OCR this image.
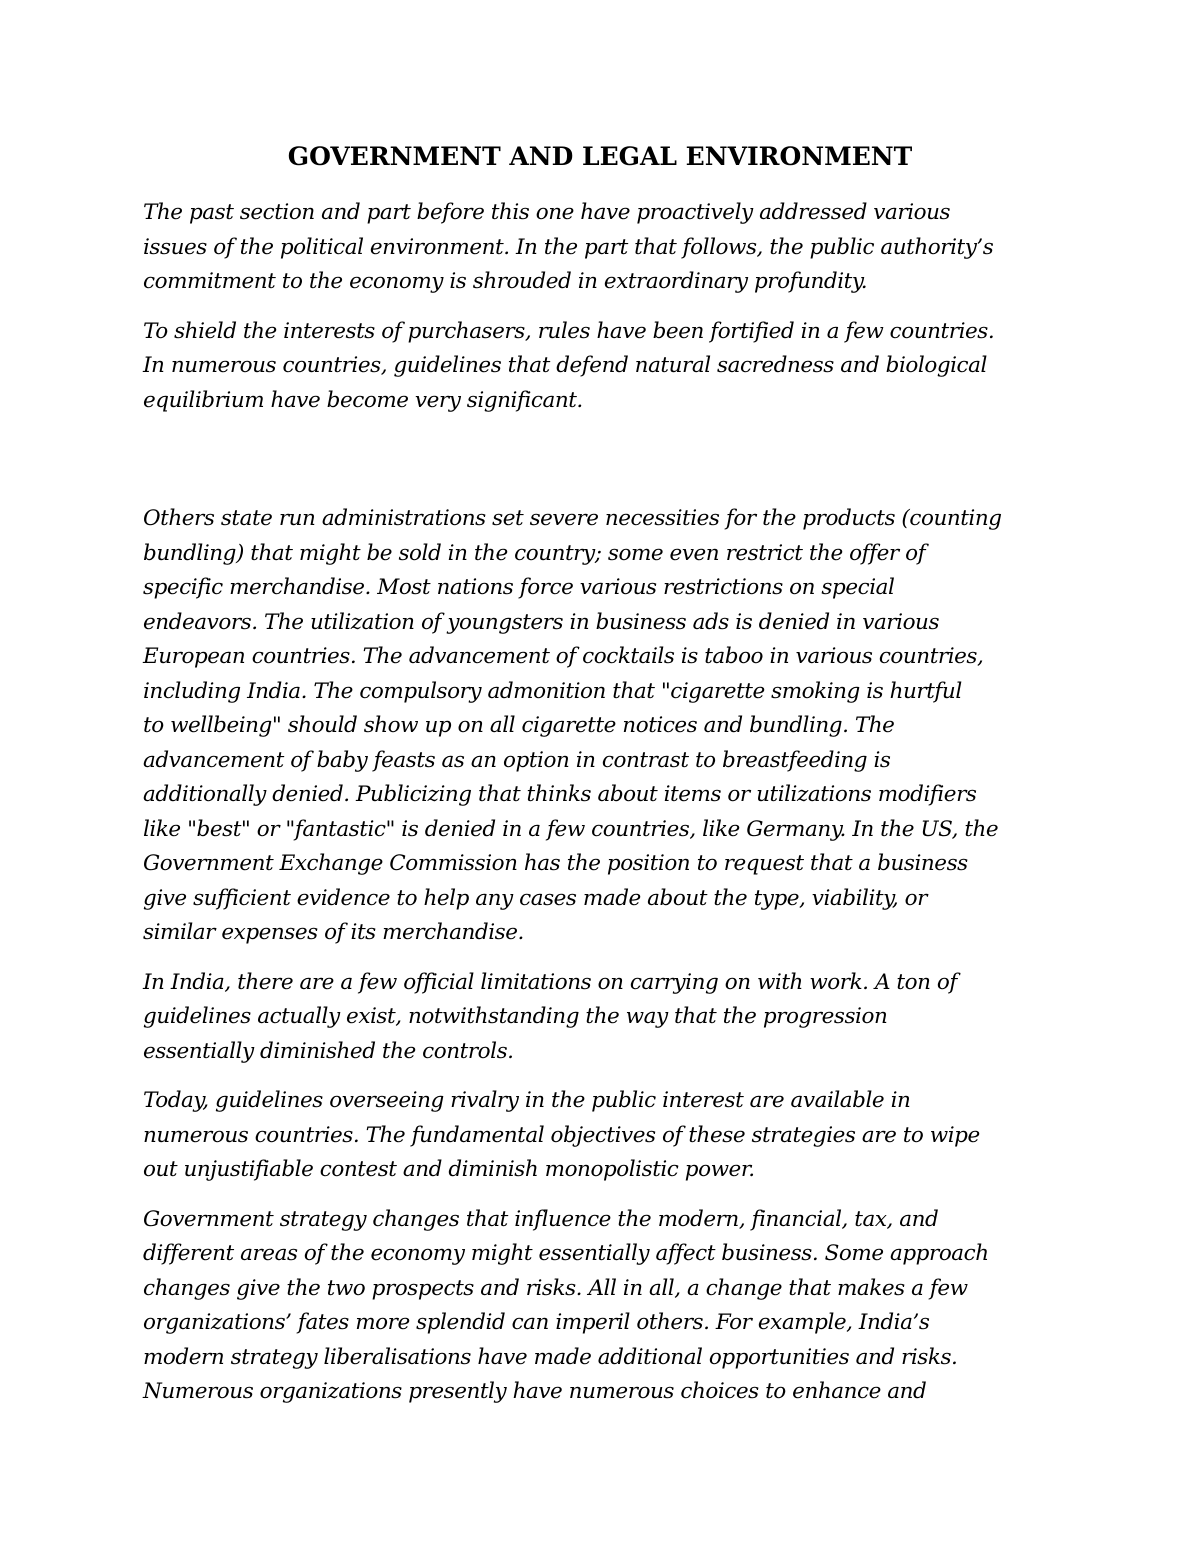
GOVERNMENT AND LEGAL ENVIRONMENT

The past section and part before this one have proactively addressed various
issues of the political environment. In the part that follows, the public authority’s
commitment to the economy is shrouded in extraordinary profundity.

To shield the interests of purchasers, rules have been fortified in a few countries.
In numerous countries, guidelines that defend natural sacredness and biological
equilibrium have become very significant.

Others state run administrations set severe necessities for the products (counting
bundling) that might be sold in the country; some even restrict the offer of
specific merchandise. Most nations force various restrictions on special
endeavors. The utilization of youngsters in business ads is denied in various
European countries. The advancement of cocktails is taboo in various countries,
including India. The compulsory admonition that "cigarette smoking is hurtful
to wellbeing" should show up on all cigarette notices and bundling. The
advancement of baby feasts as an option in contrast to breastfeeding is
additionally denied. Publicizing that thinks about items or utilizations modifiers
like "best" or "fantastic" is denied in a few countries, like Germany. In the US, the
Government Exchange Commission has the position to request that a business
give sufficient evidence to help any cases made about the type, viability, or
similar expenses of its merchandise.

In India, there are a few official limitations on carrying on with work. A ton of
guidelines actually exist, notwithstanding the way that the progression
essentially diminished the controls.

Today, guidelines overseeing rivalry in the public interest are available in
numerous countries. The fundamental objectives of these strategies are to wipe
out unjustifiable contest and diminish monopolistic power.

Government strategy changes that influence the modern, financial, tax, and
different areas of the economy might essentially affect business. Some approach
changes give the two prospects and risks. All in all, a change that makes a few
organizations’ fates more splendid can imperil others. For example, India’s
modern strategy liberalisations have made additional opportunities and risks.
Numerous organizations presently have numerous choices to enhance and
